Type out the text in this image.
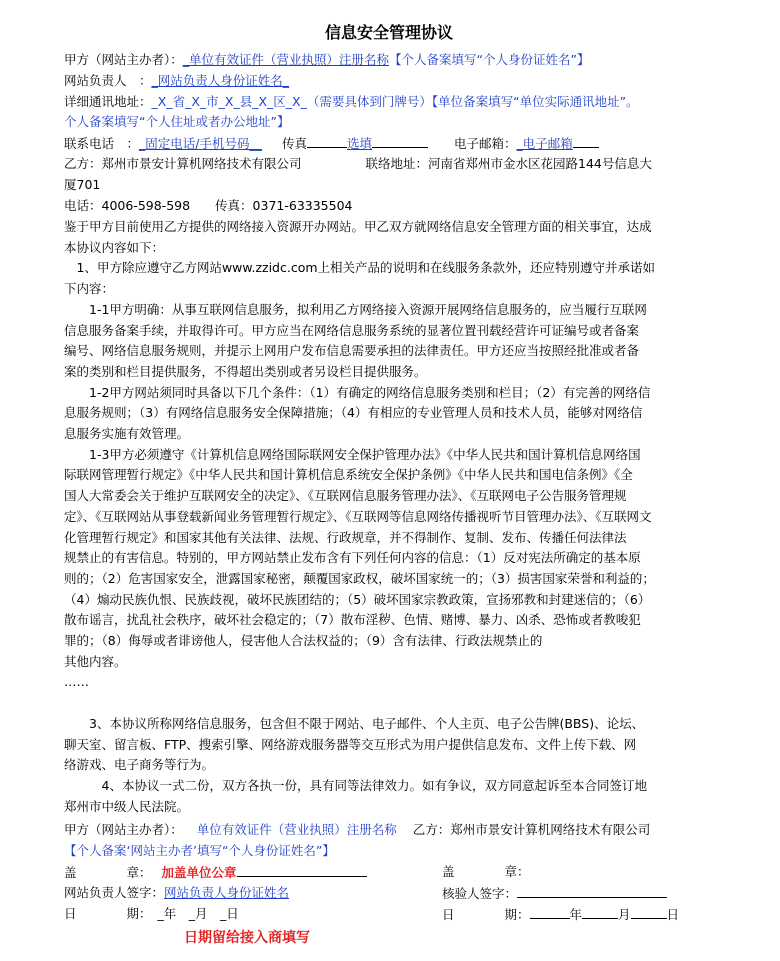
信息安全管理协议
甲方（网站主办者）：_单位有效证件（营业执照）注册名称【个人备案填写“个人身份证姓名”】
网站负责人　：_网站负责人身份证姓名_
详细通讯地址：_X_省_X_市_X_县_X_区_X_（需要具体到门牌号）【单位备案填写“单位实际通讯地址”。
个人备案填写“个人住址或者办公地址”】
联系电话　：_固定电话/手机号码__ 传真	选填	电子邮箱：_电子邮箱
乙方：郑州市景安计算机网络技术有限公司	联络地址：河南省郑州市金水区花园路144号信息大
厦701
电话：4006-598-598　　传真：0371-63335504
鉴于甲方目前使用乙方提供的网络接入资源开办网站。甲乙双方就网络信息安全管理方面的相关事宜，达成
本协议内容如下：
　1、甲方除应遵守乙方网站www.zzidc.com上相关产品的说明和在线服务条款外，还应特别遵守并承诺如
下内容：
　　1-1甲方明确：从事互联网信息服务，拟利用乙方网络接入资源开展网络信息服务的，应当履行互联网
信息服务备案手续，并取得许可。甲方应当在网络信息服务系统的显著位置刊载经营许可证编号或者备案
编号、网络信息服务规则，并提示上网用户发布信息需要承担的法律责任。甲方还应当按照经批准或者备
案的类别和栏目提供服务，不得超出类别或者另设栏目提供服务。
　　1-2甲方网站须同时具备以下几个条件：（1）有确定的网络信息服务类别和栏目；（2）有完善的网络信
息服务规则；（3）有网络信息服务安全保障措施；（4）有相应的专业管理人员和技术人员，能够对网络信
息服务实施有效管理。
　　1-3甲方必须遵守《计算机信息网络国际联网安全保护管理办法》《中华人民共和国计算机信息网络国
际联网管理暂行规定》《中华人民共和国计算机信息系统安全保护条例》《中华人民共和国电信条例》《全
国人大常委会关于维护互联网安全的决定》、《互联网信息服务管理办法》、《互联网电子公告服务管理规
定》、《互联网站从事登载新闻业务管理暂行规定》、《互联网等信息网络传播视听节目管理办法》、《互联网文
化管理暂行规定》和国家其他有关法律、法规、行政规章，并不得制作、复制、发布、传播任何法律法
规禁止的有害信息。特别的，甲方网站禁止发布含有下列任何内容的信息：（1）反对宪法所确定的基本原
则的；（2）危害国家安全，泄露国家秘密，颠覆国家政权，破坏国家统一的；（3）损害国家荣誉和利益的；
（4）煽动民族仇恨、民族歧视，破坏民族团结的；（5）破坏国家宗教政策，宣扬邪教和封建迷信的；（6）
散布谣言，扰乱社会秩序，破坏社会稳定的；（7）散布淫秽、色情、赌博、暴力、凶杀、恐怖或者教唆犯
罪的；（8）侮辱或者诽谤他人，侵害他人合法权益的；（9）含有法律、行政法规禁止的
其他内容。
……
　　3、本协议所称网络信息服务，包含但不限于网站、电子邮件、个人主页、电子公告牌(BBS)、论坛、
聊天室、留言板、FTP、搜索引擎、网络游戏服务器等交互形式为用户提供信息发布、文件上传下载、网
络游戏、电子商务等行为。
　　　4、本协议一式二份，双方各执一份，具有同等法律效力。如有争议，双方同意起诉至本合同签订地
郑州市中级人民法院。
甲方（网站主办者）： 单位有效证件（营业执照）注册名称 乙方：郑州市景安计算机网络技术有限公司
【个人备案‘网站主办者’填写“个人身份证姓名”】
盖　　　　章： 加盖单位公章	盖　　　　章：
网站负责人签字：网站负责人身份证姓名	核验人签字：
日　　　　期： _年　_月　_日	日　　　　期：	年	月	日
日期留给接入商填写
